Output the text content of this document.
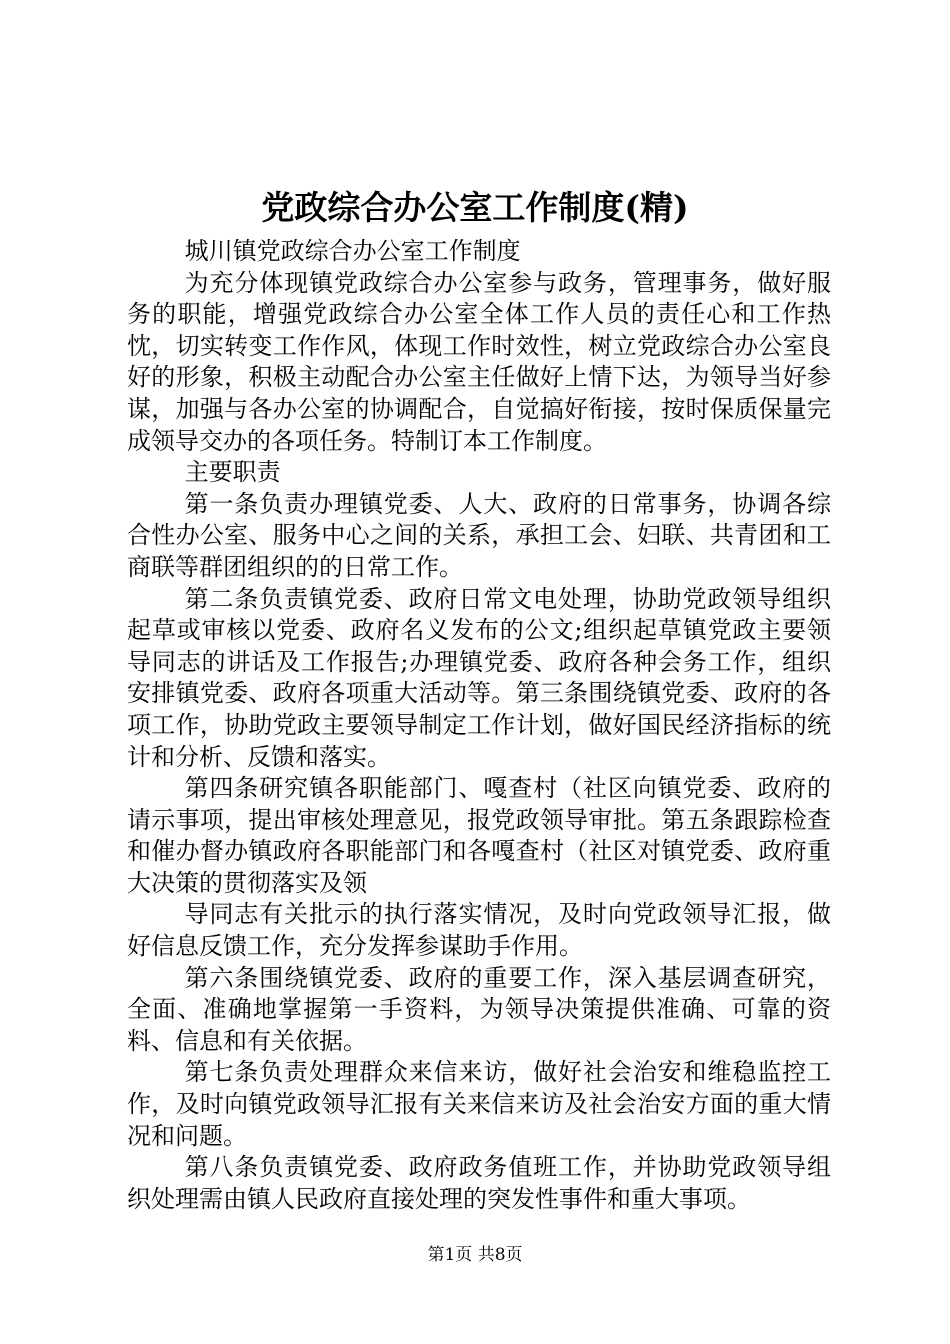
党政综合办公室工作制度(精)

城川镇党政综合办公室工作制度

为充分体现镇党政综合办公室参与政务，管理事务，做好服务的职能，增强党政综合办公室全体工作人员的责任心和工作热忱，切实转变工作作风，体现工作时效性，树立党政综合办公室良好的形象，积极主动配合办公室主任做好上情下达，为领导当好参谋，加强与各办公室的协调配合，自觉搞好衔接，按时保质保量完成领导交办的各项任务。特制订本工作制度。

主要职责

第一条负责办理镇党委、人大、政府的日常事务，协调各综合性办公室、服务中心之间的关系，承担工会、妇联、共青团和工商联等群团组织的的日常工作。

第二条负责镇党委、政府日常文电处理，协助党政领导组织起草或审核以党委、政府名义发布的公文;组织起草镇党政主要领导同志的讲话及工作报告;办理镇党委、政府各种会务工作，组织安排镇党委、政府各项重大活动等。第三条围绕镇党委、政府的各项工作，协助党政主要领导制定工作计划，做好国民经济指标的统计和分析、反馈和落实。

第四条研究镇各职能部门、嘎查村（社区向镇党委、政府的请示事项，提出审核处理意见，报党政领导审批。第五条跟踪检查和催办督办镇政府各职能部门和各嘎查村（社区对镇党委、政府重大决策的贯彻落实及领

导同志有关批示的执行落实情况，及时向党政领导汇报，做好信息反馈工作，充分发挥参谋助手作用。

第六条围绕镇党委、政府的重要工作，深入基层调查研究，全面、准确地掌握第一手资料，为领导决策提供准确、可靠的资料、信息和有关依据。

第七条负责处理群众来信来访，做好社会治安和维稳监控工作，及时向镇党政领导汇报有关来信来访及社会治安方面的重大情况和问题。

第八条负责镇党委、政府政务值班工作，并协助党政领导组织处理需由镇人民政府直接处理的突发性事件和重大事项。

第1页 共8页
